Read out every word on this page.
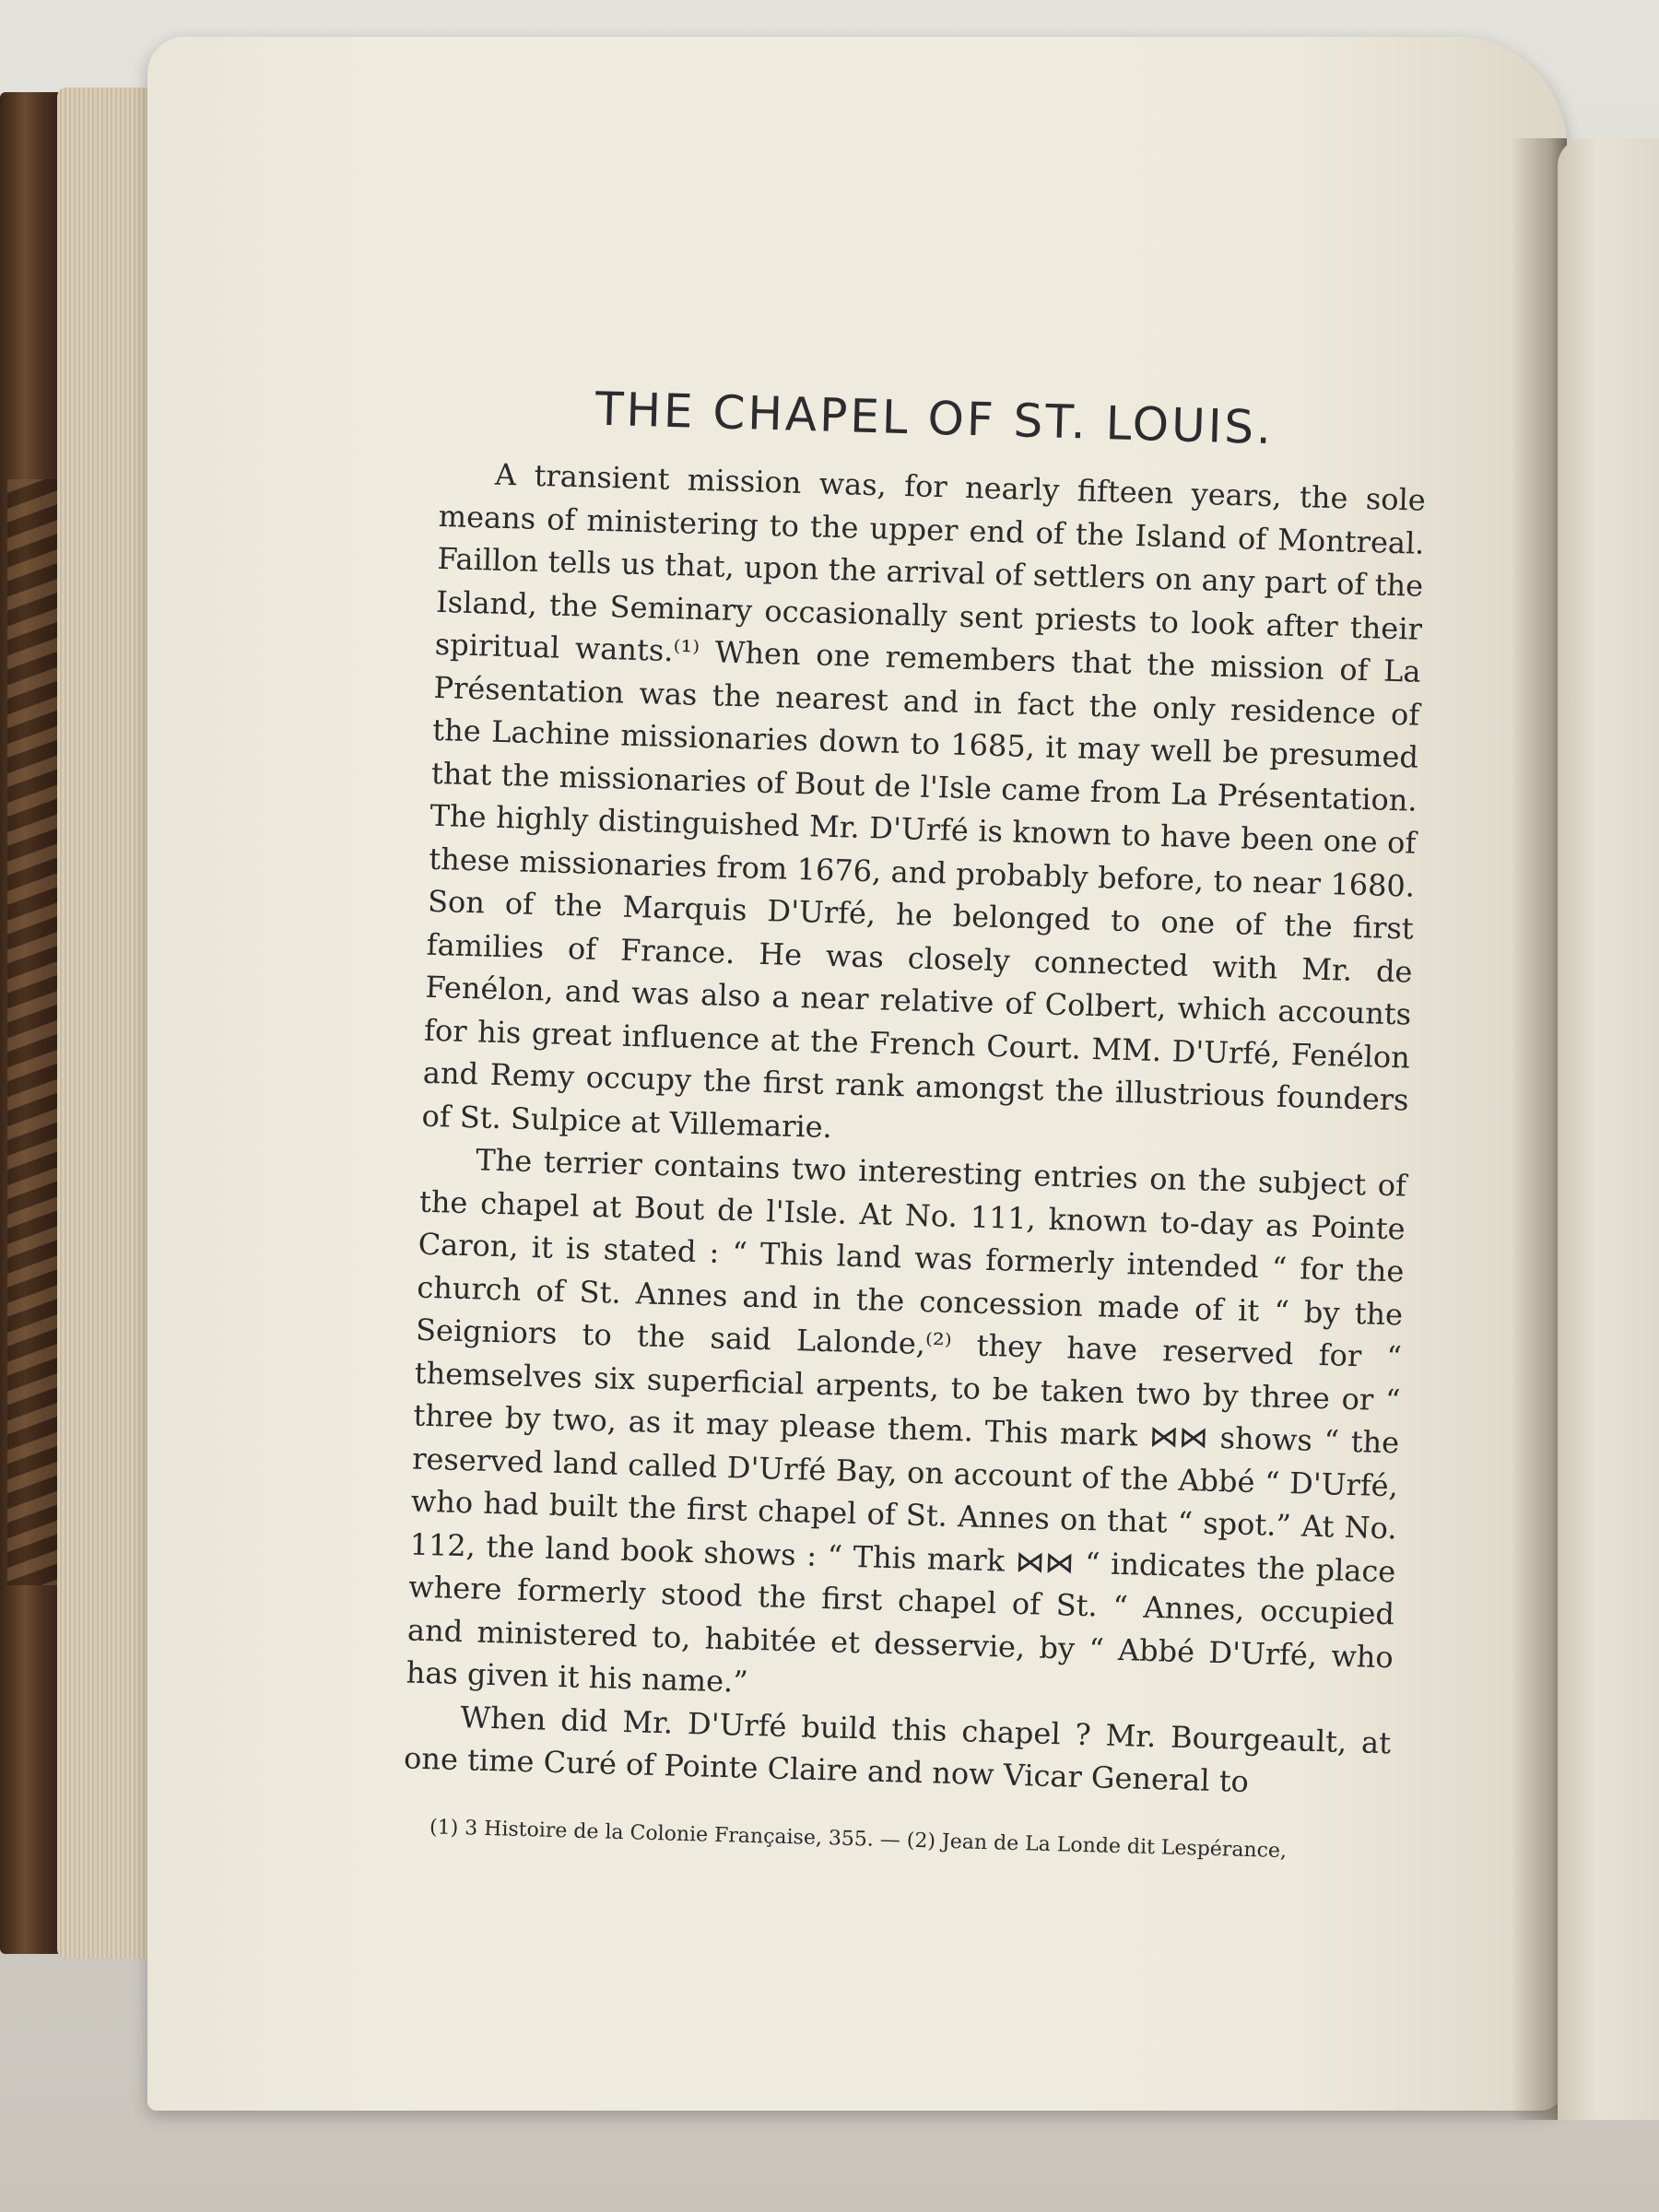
THE CHAPEL OF ST. LOUIS.

A transient mission was, for nearly fifteen years, the sole means of ministering to the upper end of the Island of Montreal. Faillon tells us that, upon the arrival of settlers on any part of the Island, the Seminary occasionally sent priests to look after their spiritual wants.⁽¹⁾ When one remembers that the mission of La Présentation was the nearest and in fact the only residence of the Lachine missionaries down to 1685, it may well be presumed that the missionaries of Bout de l'Isle came from La Présentation. The highly distinguished Mr. D'Urfé is known to have been one of these missionaries from 1676, and probably before, to near 1680. Son of the Marquis D'Urfé, he belonged to one of the first families of France. He was closely connected with Mr. de Fenélon, and was also a near relative of Colbert, which accounts for his great influence at the French Court. MM. D'Urfé, Fenélon and Remy occupy the first rank amongst the illustrious founders of St. Sulpice at Villemarie.

The terrier contains two interesting entries on the subject of the chapel at Bout de l'Isle. At No. 111, known to-day as Pointe Caron, it is stated : “ This land was formerly intended “ for the church of St. Annes and in the concession made of it “ by the Seigniors to the said Lalonde,⁽²⁾ they have reserved for “ themselves six superficial arpents, to be taken two by three or “ three by two, as it may please them. This mark ⋈⋈ shows “ the reserved land called D'Urfé Bay, on account of the Abbé “ D'Urfé, who had built the first chapel of St. Annes on that “ spot.” At No. 112, the land book shows : “ This mark ⋈⋈ “ indicates the place where formerly stood the first chapel of St. “ Annes, occupied and ministered to, habitée et desservie, by “ Abbé D'Urfé, who has given it his name.”

When did Mr. D'Urfé build this chapel ? Mr. Bourgeault, at one time Curé of Pointe Claire and now Vicar General to

(1) 3 Histoire de la Colonie Française, 355. — (2) Jean de La Londe dit Lespérance,
